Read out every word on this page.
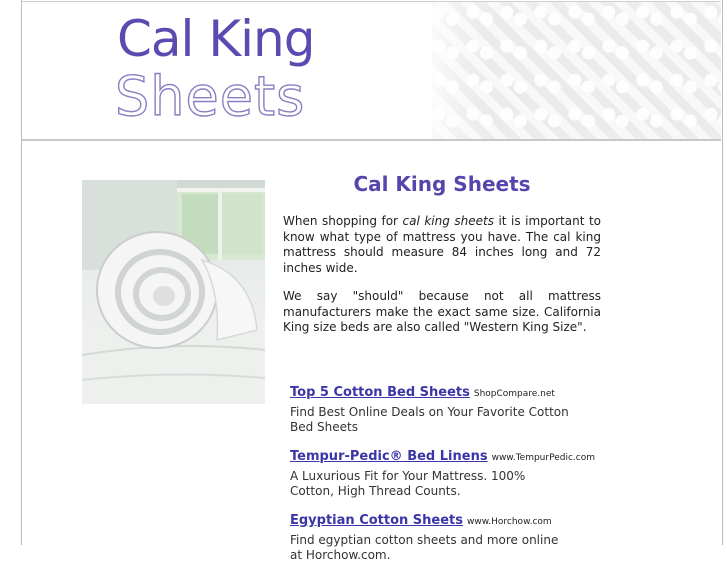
Cal King
Sheets
Cal King Sheets

When shopping for cal king sheets it is important to know what type of mattress you have. The cal king mattress should measure 84 inches long and 72 inches wide.

We say "should" because not all mattress manufacturers make the exact same size. California King size beds are also called "Western King Size".

Top 5 Cotton Bed Sheets ShopCompare.net
Find Best Online Deals on Your Favorite Cotton Bed Sheets
Tempur-Pedic® Bed Linens www.TempurPedic.com
A Luxurious Fit for Your Mattress. 100% Cotton, High Thread Counts.
Egyptian Cotton Sheets www.Horchow.com
Find egyptian cotton sheets and more online at Horchow.com.
